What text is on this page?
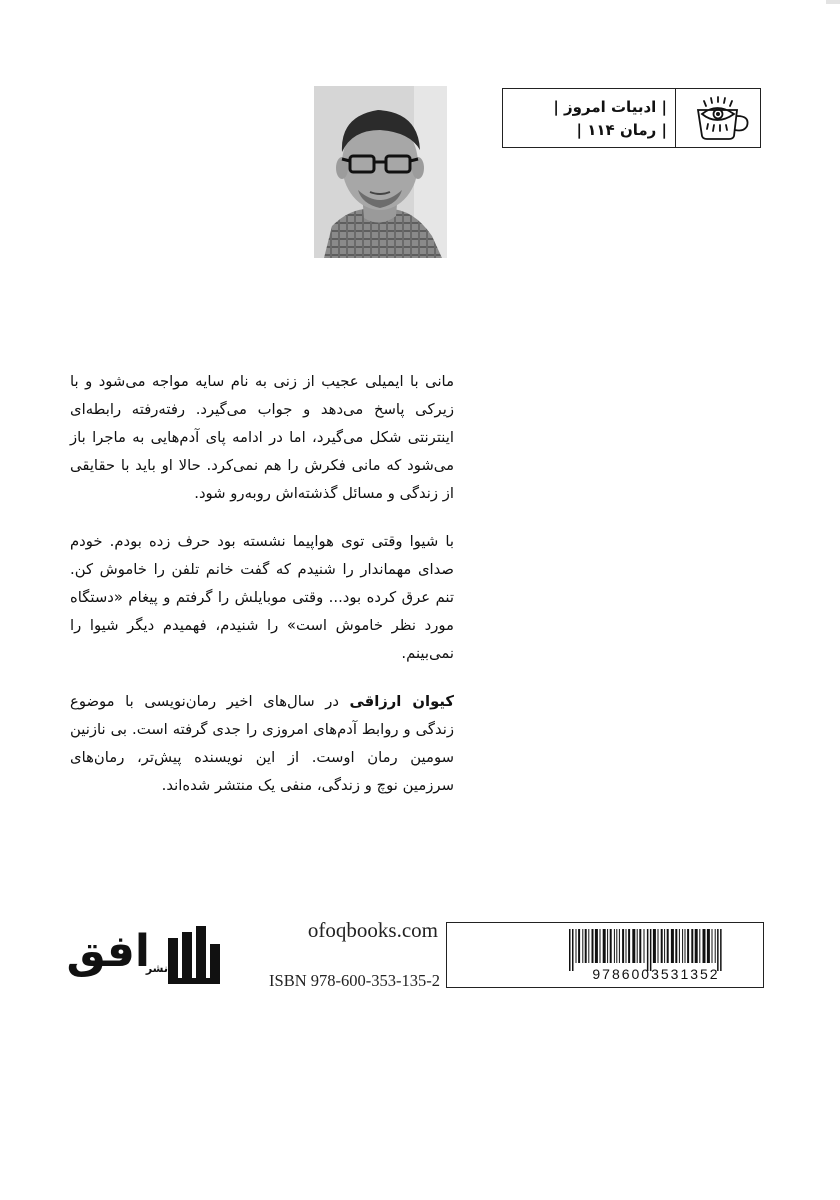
| ادبیات امروز |
| رمان ۱۱۴ |
مانی با ایمیلی عجیب از زنی به نام سایه مواجه می‌شود و با زیرکی پاسخ می‌دهد و جواب می‌گیرد. رفته‌رفته رابطه‌ای اینترنتی شکل می‌گیرد، اما در ادامه پای آدم‌هایی به ماجرا باز می‌شود که مانی فکرش را هم نمی‌کرد. حالا او باید با حقایقی از زندگی و مسائل گذشته‌اش روبه‌رو شود.
با شیوا وقتی توی هواپیما نشسته بود حرف زده بودم. خودم صدای مهماندار را شنیدم که گفت خانم تلفن را خاموش کن. تنم عرق کرده بود... وقتی موبایلش را گرفتم و پیغام «دستگاه مورد نظر خاموش است» را شنیدم، فهمیدم دیگر شیوا را نمی‌بینم.
کیوان ارزاقی در سال‌های اخیر رمان‌نویسی با موضوع زندگی و روابط آدم‌های امروزی را جدی گرفته است. بی نازنین سومین رمان اوست. از این نویسنده پیش‌تر، رمان‌های سرزمین نوچ و زندگی، منفی یک منتشر شده‌اند.
افق
نشر
ofoqbooks.com
ISBN 978-600-353-135-2	9786003531352
